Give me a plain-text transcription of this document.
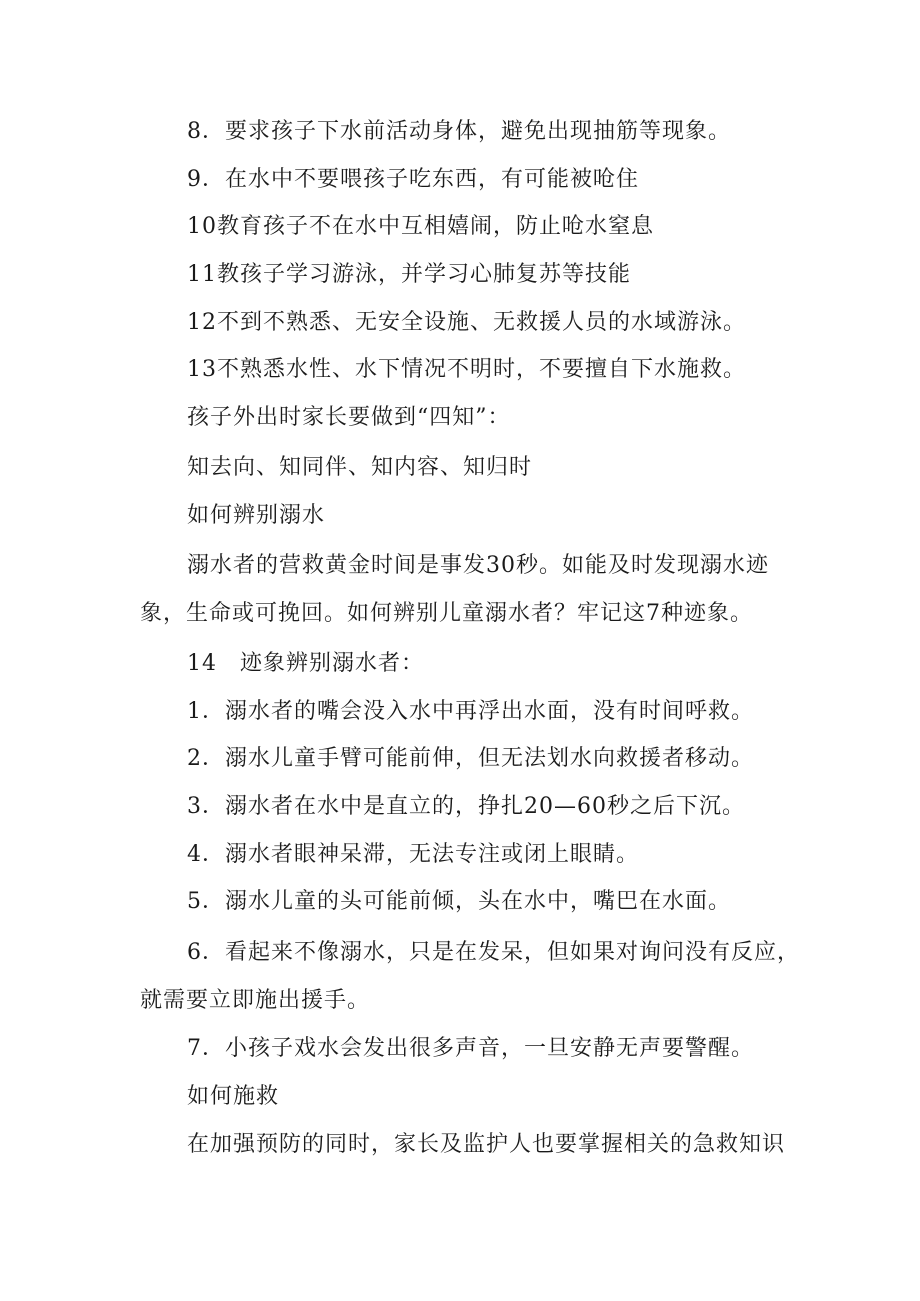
8．要求孩子下水前活动身体，避免出现抽筋等现象。
9．在水中不要喂孩子吃东西，有可能被呛住
10教育孩子不在水中互相嬉闹，防止呛水窒息
11教孩子学习游泳，并学习心肺复苏等技能
12不到不熟悉、无安全设施、无救援人员的水域游泳。
13不熟悉水性、水下情况不明时，不要擅自下水施救。
孩子外出时家长要做到“四知”：
知去向、知同伴、知内容、知归时
如何辨别溺水
溺水者的营救黄金时间是事发30秒。如能及时发现溺水迹
象，生命或可挽回。如何辨别儿童溺水者？牢记这7种迹象。
14　迹象辨别溺水者：
1．溺水者的嘴会没入水中再浮出水面，没有时间呼救。
2．溺水儿童手臂可能前伸，但无法划水向救援者移动。
3．溺水者在水中是直立的，挣扎20—60秒之后下沉。
4．溺水者眼神呆滞，无法专注或闭上眼睛。
5．溺水儿童的头可能前倾，头在水中，嘴巴在水面。
6．看起来不像溺水，只是在发呆，但如果对询问没有反应，
就需要立即施出援手。
7．小孩子戏水会发出很多声音，一旦安静无声要警醒。
如何施救
在加强预防的同时，家长及监护人也要掌握相关的急救知识
